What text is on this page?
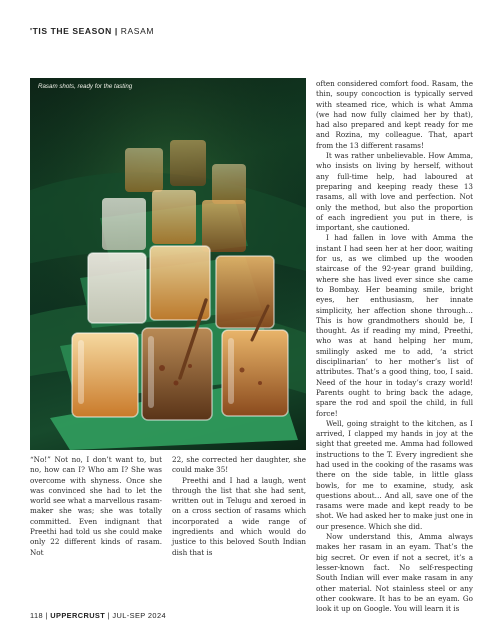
'TIS THE SEASON | RASAM
Rasam shots, ready for the tasting

“No!” Not no, I don’t want to, but no, how can I? Who am I? She was overcome with shyness. Once she was convinced she had to let the world see what a marvellous rasam-maker she was; she was totally committed. Even indignant that Preethi had told us she could make only 22 different kinds of rasam. Not

22, she corrected her daughter, she could make 35!

Preethi and I had a laugh, went through the list that she had sent, written out in Telugu and xeroed in on a cross section of rasams which incorporated a wide range of ingredients and which would do justice to this beloved South Indian dish that is

often considered comfort food. Rasam, the thin, soupy concoction is typically served with steamed rice, which is what Amma (we had now fully claimed her by that), had also prepared and kept ready for me and Rozina, my colleague. That, apart from the 13 different rasams!

It was rather unbelievable. How Amma, who insists on living by herself, without any full-time help, had laboured at preparing and keeping ready these 13 rasams, all with love and perfection. Not only the method, but also the proportion of each ingredient you put in there, is important, she cautioned.

I had fallen in love with Amma the instant I had seen her at her door, waiting for us, as we climbed up the wooden staircase of the 92-year grand building, where she has lived ever since she came to Bombay. Her beaming smile, bright eyes, her enthusiasm, her innate simplicity, her affection shone through… This is how grandmothers should be, I thought. As if reading my mind, Preethi, who was at hand helping her mum, smilingly asked me to add, ‘a strict disciplinarian’ to her mother’s list of attributes. That’s a good thing, too, I said. Need of the hour in today’s crazy world! Parents ought to bring back the adage, spare the rod and spoil the child, in full force!

Well, going straight to the kitchen, as I arrived, I clapped my hands in joy at the sight that greeted me. Amma had followed instructions to the T. Every ingredient she had used in the cooking of the rasams was there on the side table, in little glass bowls, for me to examine, study, ask questions about… And all, save one of the rasams were made and kept ready to be shot. We had asked her to make just one in our presence. Which she did.

Now understand this, Amma always makes her rasam in an eyam. That’s the big secret. Or even if not a secret, it’s a lesser-known fact. No self-respecting South Indian will ever make rasam in any other material. Not stainless steel or any other cookware. It has to be an eyam. Go look it up on Google. You will learn it is

118 | UPPERCRUST | JUL-SEP 2024
